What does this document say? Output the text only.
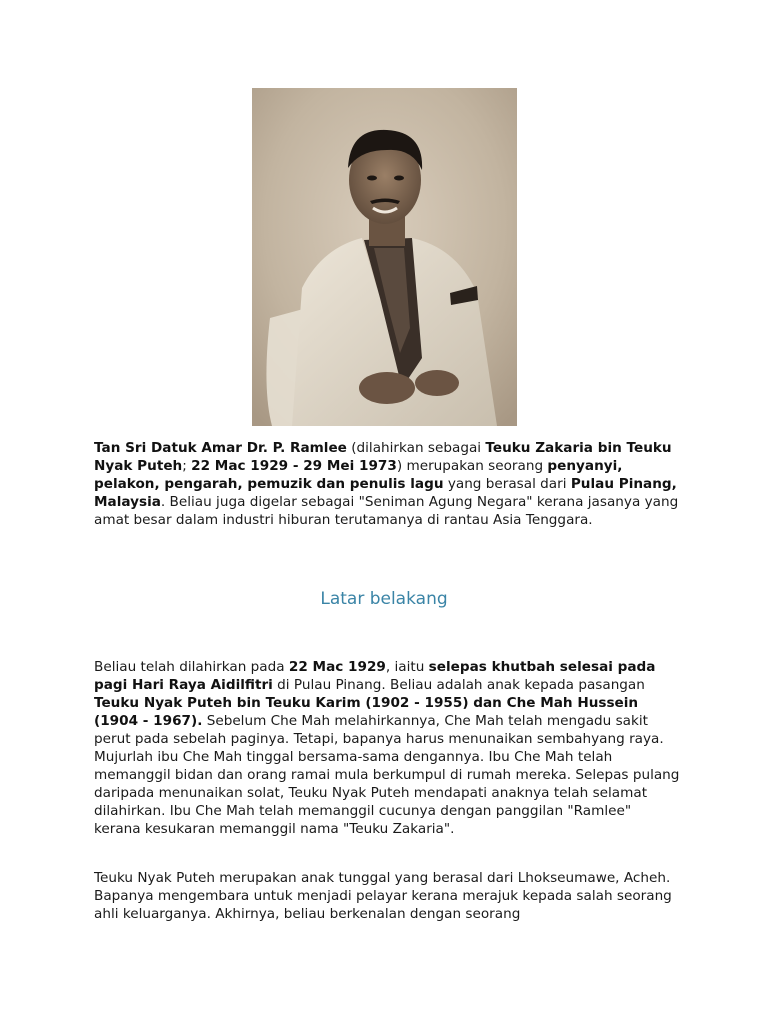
Tan Sri Datuk Amar Dr. P. Ramlee (dilahirkan sebagai Teuku Zakaria bin Teuku Nyak Puteh; 22 Mac 1929 - 29 Mei 1973) merupakan seorang penyanyi, pelakon, pengarah, pemuzik dan penulis lagu yang berasal dari Pulau Pinang, Malaysia. Beliau juga digelar sebagai "Seniman Agung Negara" kerana jasanya yang amat besar dalam industri hiburan terutamanya di rantau Asia Tenggara.

Latar belakang

Beliau telah dilahirkan pada 22 Mac 1929, iaitu selepas khutbah selesai pada pagi Hari Raya Aidilfitri di Pulau Pinang. Beliau adalah anak kepada pasangan Teuku Nyak Puteh bin Teuku Karim (1902 - 1955) dan Che Mah Hussein (1904 - 1967). Sebelum Che Mah melahirkannya, Che Mah telah mengadu sakit perut pada sebelah paginya. Tetapi, bapanya harus menunaikan sembahyang raya. Mujurlah ibu Che Mah tinggal bersama-sama dengannya. Ibu Che Mah telah memanggil bidan dan orang ramai mula berkumpul di rumah mereka. Selepas pulang daripada menunaikan solat, Teuku Nyak Puteh mendapati anaknya telah selamat dilahirkan. Ibu Che Mah telah memanggil cucunya dengan panggilan "Ramlee" kerana kesukaran memanggil nama "Teuku Zakaria".

Teuku Nyak Puteh merupakan anak tunggal yang berasal dari Lhokseumawe, Acheh. Bapanya mengembara untuk menjadi pelayar kerana merajuk kepada salah seorang ahli keluarganya. Akhirnya, beliau berkenalan dengan seorang
